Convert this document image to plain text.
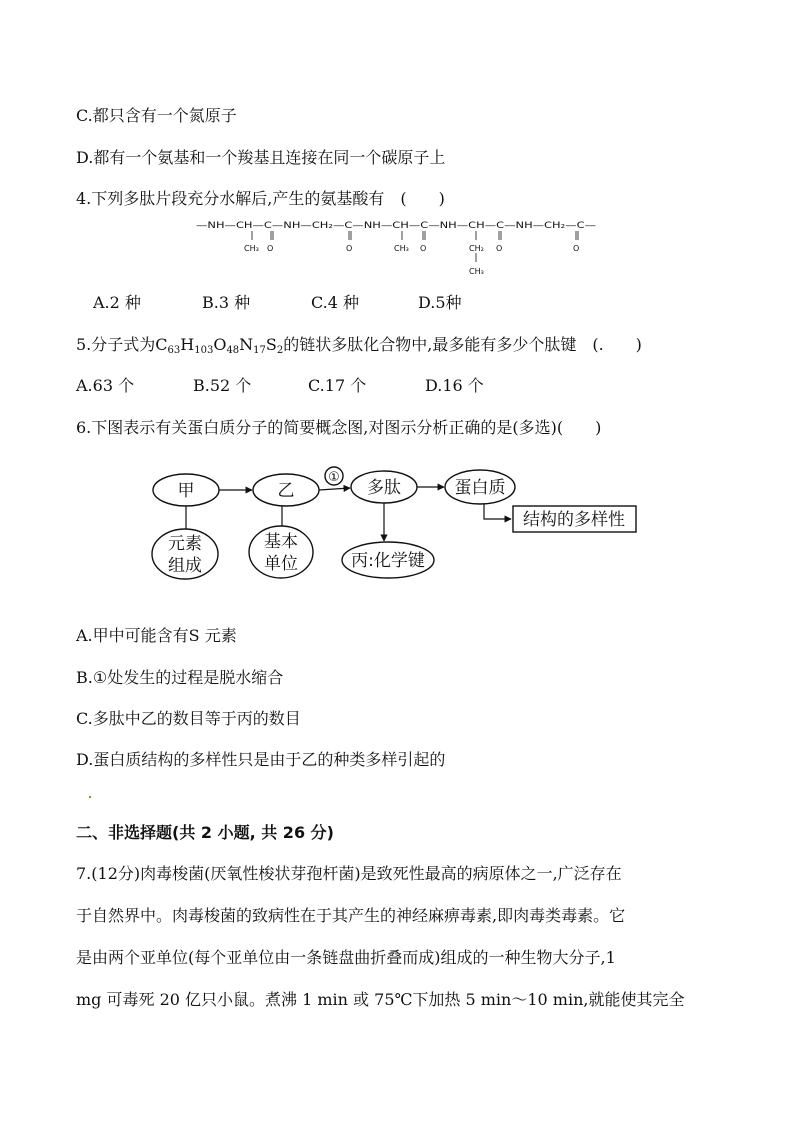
C.都只含有一个氮原子
D.都有一个氨基和一个羧基且连接在同一个碳原子上
4.下列多肽片段充分水解后,产生的氨基酸有　(　　)
—NH—CH—C—NH—CH₂—C—NH—CH—C—NH—CH—C—NH—CH₂—C—
CH₃ O	O	CH₃ O	CH₂ O	O
CH₃
A.2 种	B.3 种	C.4 种	D.5种
5.分子式为$C_{63}H_{103}O_{48}N_{17}S_2$的链状多肽化合物中,最多能有多少个肽键　(.　　)
A.63 个	B.52 个	C.17 个	D.16 个
6.下图表示有关蛋白质分子的简要概念图,对图示分析正确的是(多选)(　　)
甲	乙	多肽	蛋白质
结构的多样性
元素
组成
基本
单位	丙:化学键
①
A.甲中可能含有S 元素
B.①处发生的过程是脱水缩合
C.多肽中乙的数目等于丙的数目
D.蛋白质结构的多样性只是由于乙的种类多样引起的
二、非选择题(共 2 小题, 共 26 分)
7.(12分)肉毒梭菌(厌氧性梭状芽孢杆菌)是致死性最高的病原体之一,广泛存在
于自然界中。肉毒梭菌的致病性在于其产生的神经麻痹毒素,即肉毒类毒素。它
是由两个亚单位(每个亚单位由一条链盘曲折叠而成)组成的一种生物大分子,1
mg 可毒死 20 亿只小鼠。煮沸 1 min 或 75℃下加热 5 min～10 min,就能使其完全
